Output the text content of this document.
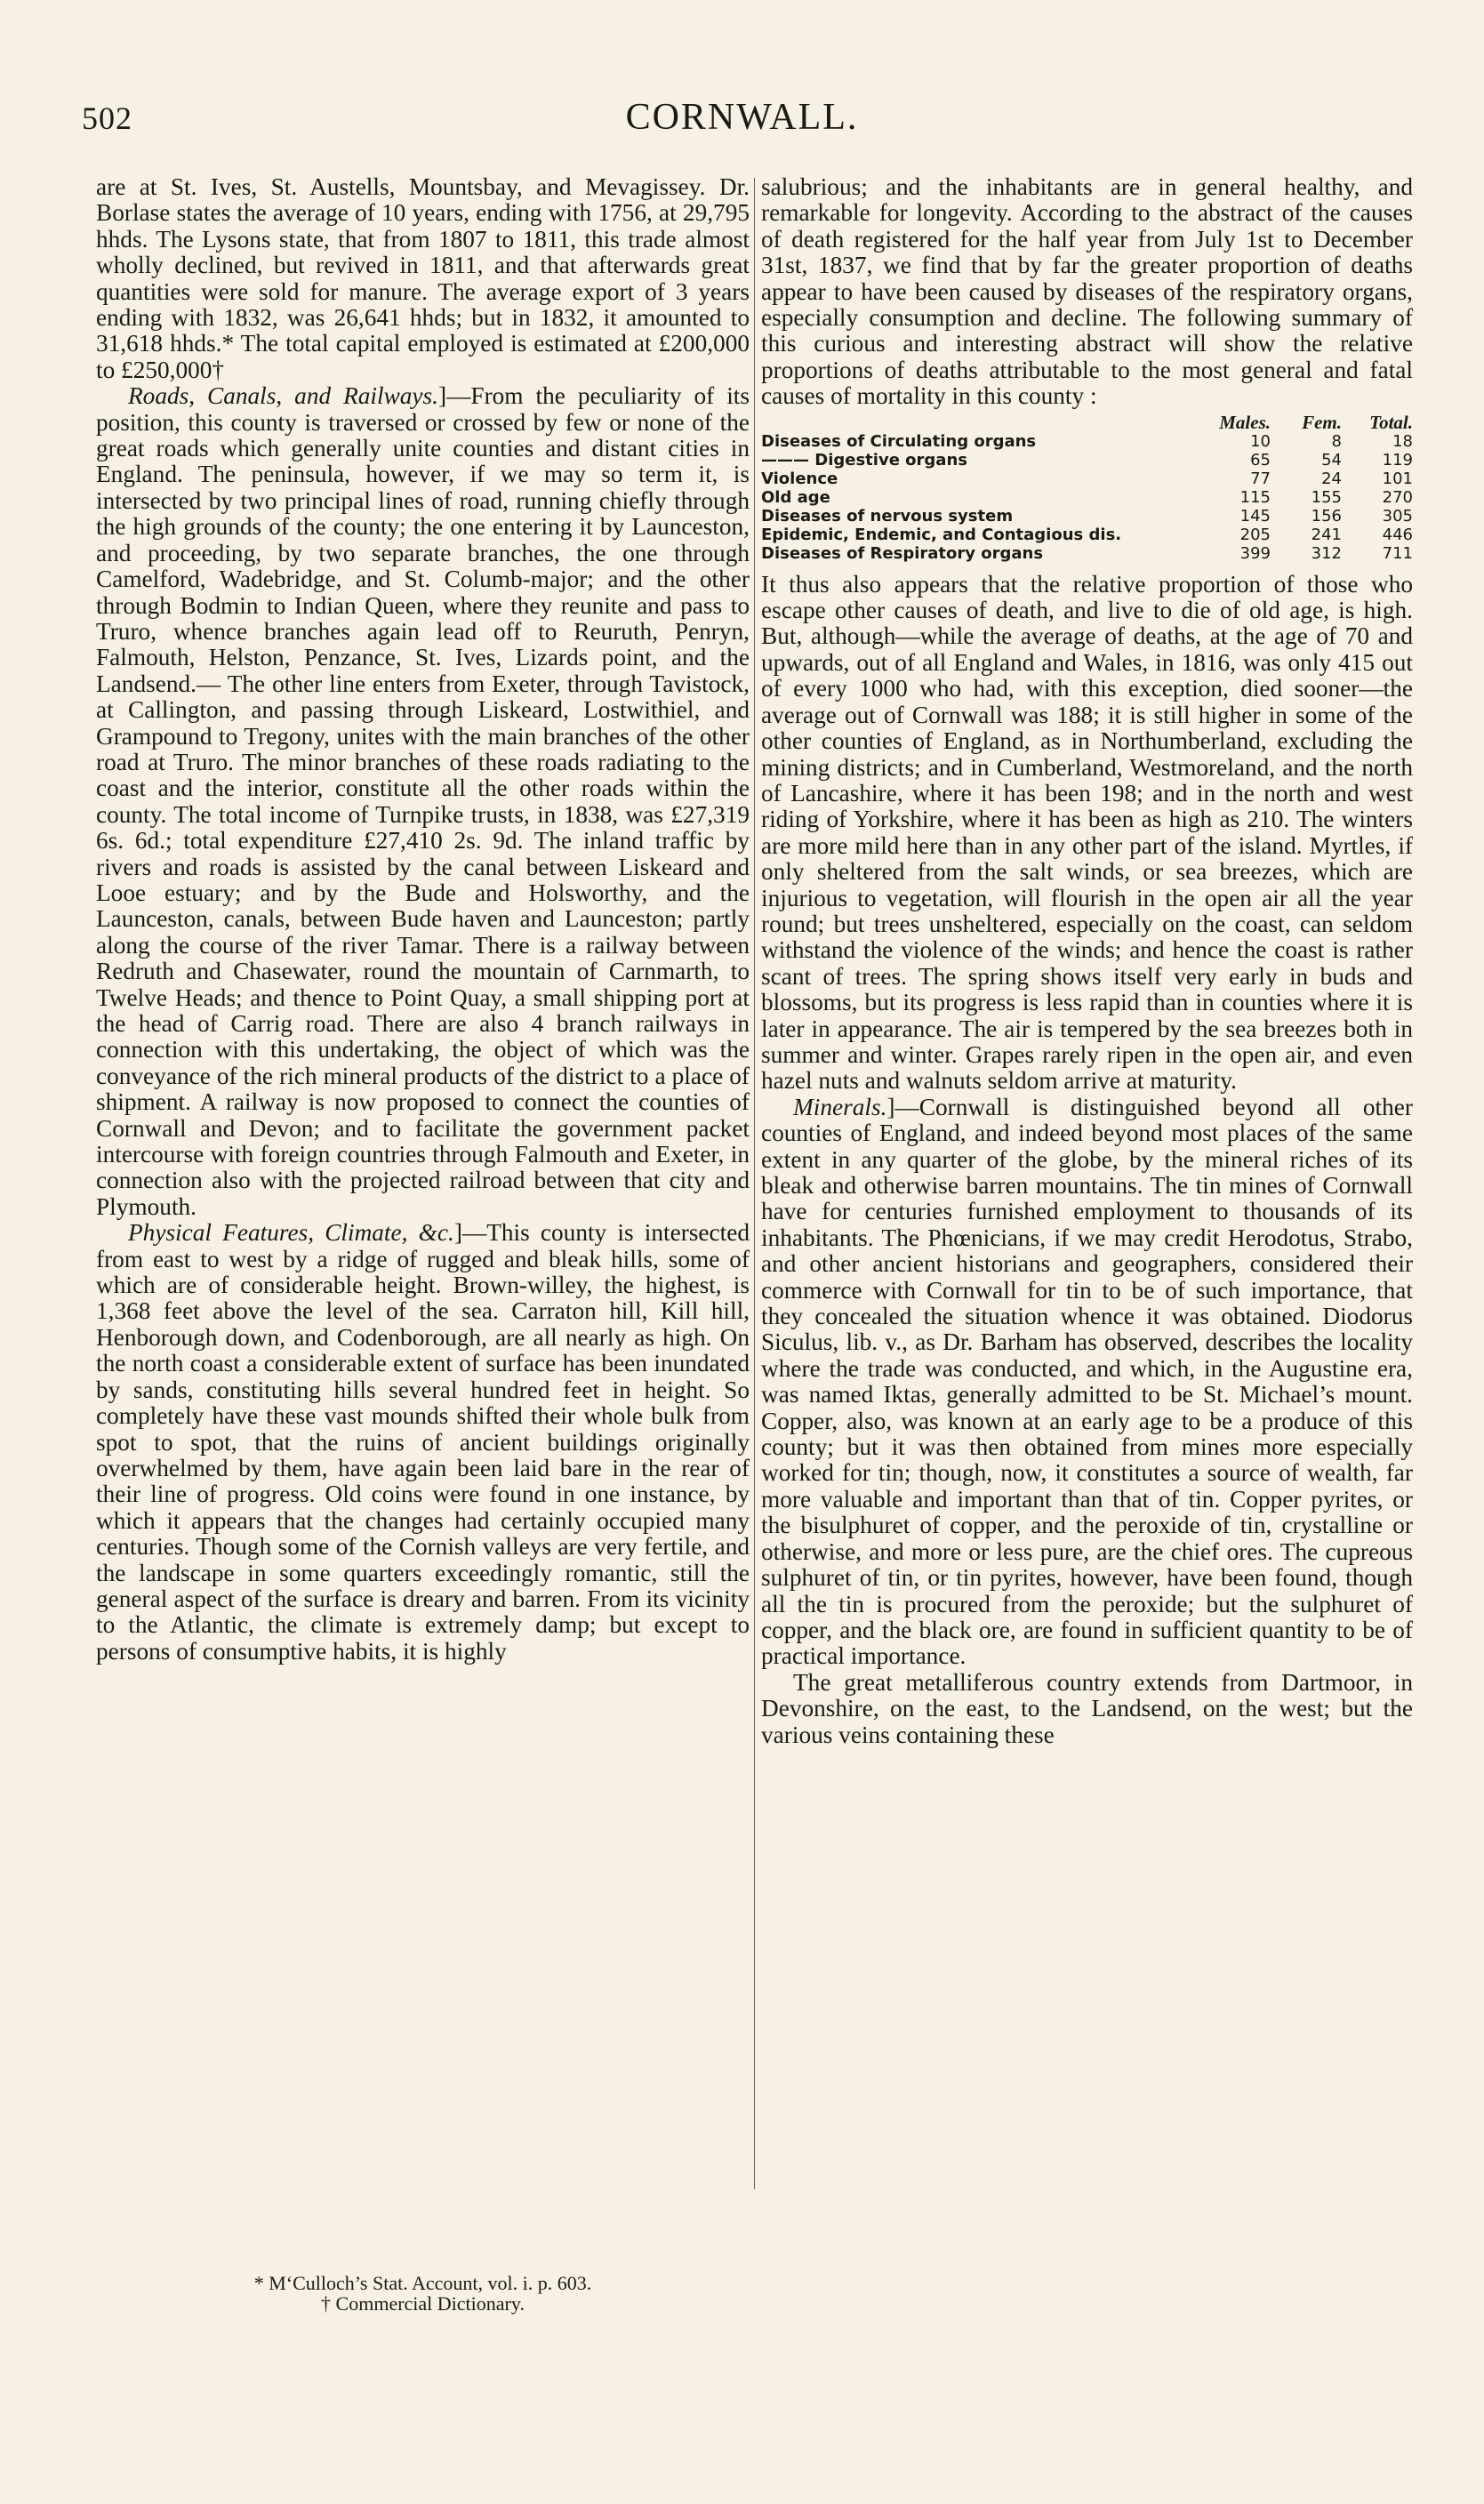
502	CORNWALL.

are at St. Ives, St. Austells, Mountsbay, and Mevagissey. Dr. Borlase states the average of 10 years, ending with 1756, at 29,795 hhds. The Lysons state, that from 1807 to 1811, this trade almost wholly declined, but revived in 1811, and that afterwards great quantities were sold for manure. The average export of 3 years ending with 1832, was 26,641 hhds; but in 1832, it amounted to 31,618 hhds.* The total capital employed is estimated at £200,000 to £250,000†

Roads, Canals, and Railways.]—From the peculiarity of its position, this county is traversed or crossed by few or none of the great roads which generally unite counties and distant cities in England. The peninsula, however, if we may so term it, is intersected by two principal lines of road, running chiefly through the high grounds of the county; the one entering it by Launceston, and proceeding, by two separate branches, the one through Camelford, Wadebridge, and St. Columb-major; and the other through Bodmin to Indian Queen, where they reunite and pass to Truro, whence branches again lead off to Reuruth, Penryn, Falmouth, Helston, Penzance, St. Ives, Lizards point, and the Landsend.— The other line enters from Exeter, through Tavistock, at Callington, and passing through Liskeard, Lostwithiel, and Grampound to Tregony, unites with the main branches of the other road at Truro. The minor branches of these roads radiating to the coast and the interior, constitute all the other roads within the county. The total income of Turnpike trusts, in 1838, was £27,319 6s. 6d.; total expenditure £27,410 2s. 9d. The inland traffic by rivers and roads is assisted by the canal between Liskeard and Looe estuary; and by the Bude and Holsworthy, and the Launceston, canals, between Bude haven and Launceston; partly along the course of the river Tamar. There is a railway between Redruth and Chasewater, round the mountain of Carnmarth, to Twelve Heads; and thence to Point Quay, a small shipping port at the head of Carrig road. There are also 4 branch railways in connection with this undertaking, the object of which was the conveyance of the rich mineral products of the district to a place of shipment. A railway is now proposed to connect the counties of Cornwall and Devon; and to facilitate the government packet intercourse with foreign countries through Falmouth and Exeter, in connection also with the projected railroad between that city and Plymouth.

Physical Features, Climate, &c.]—This county is intersected from east to west by a ridge of rugged and bleak hills, some of which are of considerable height. Brown-willey, the highest, is 1,368 feet above the level of the sea. Carraton hill, Kill hill, Henborough down, and Codenborough, are all nearly as high. On the north coast a considerable extent of surface has been inundated by sands, constituting hills several hundred feet in height. So completely have these vast mounds shifted their whole bulk from spot to spot, that the ruins of ancient buildings originally overwhelmed by them, have again been laid bare in the rear of their line of progress. Old coins were found in one instance, by which it appears that the changes had certainly occupied many centuries. Though some of the Cornish valleys are very fertile, and the landscape in some quarters exceedingly romantic, still the general aspect of the surface is dreary and barren. From its vicinity to the Atlantic, the climate is extremely damp; but except to persons of consumptive habits, it is highly

* M‘Culloch’s Stat. Account, vol. i. p. 603.
† Commercial Dictionary.

salubrious; and the inhabitants are in general healthy, and remarkable for longevity. According to the abstract of the causes of death registered for the half year from July 1st to December 31st, 1837, we find that by far the greater proportion of deaths appear to have been caused by diseases of the respiratory organs, especially consumption and decline. The following summary of this curious and interesting abstract will show the relative proportions of deaths attributable to the most general and fatal causes of mortality in this county :

	Males.	Fem.	Total.
Diseases of Circulating organs	10	8	18
——— Digestive organs	65	54	119
Violence	77	24	101
Old age	115	155	270
Diseases of nervous system	145	156	305
Epidemic, Endemic, and Contagious dis.	205	241	446
Diseases of Respiratory organs	399	312	711

It thus also appears that the relative proportion of those who escape other causes of death, and live to die of old age, is high. But, although—while the average of deaths, at the age of 70 and upwards, out of all England and Wales, in 1816, was only 415 out of every 1000 who had, with this exception, died sooner—the average out of Cornwall was 188; it is still higher in some of the other counties of England, as in Northumberland, excluding the mining districts; and in Cumberland, Westmoreland, and the north of Lancashire, where it has been 198; and in the north and west riding of Yorkshire, where it has been as high as 210. The winters are more mild here than in any other part of the island. Myrtles, if only sheltered from the salt winds, or sea breezes, which are injurious to vegetation, will flourish in the open air all the year round; but trees unsheltered, especially on the coast, can seldom withstand the violence of the winds; and hence the coast is rather scant of trees. The spring shows itself very early in buds and blossoms, but its progress is less rapid than in counties where it is later in appearance. The air is tempered by the sea breezes both in summer and winter. Grapes rarely ripen in the open air, and even hazel nuts and walnuts seldom arrive at maturity.

Minerals.]—Cornwall is distinguished beyond all other counties of England, and indeed beyond most places of the same extent in any quarter of the globe, by the mineral riches of its bleak and otherwise barren mountains. The tin mines of Cornwall have for centuries furnished employment to thousands of its inhabitants. The Phœnicians, if we may credit Herodotus, Strabo, and other ancient historians and geographers, considered their commerce with Cornwall for tin to be of such importance, that they concealed the situation whence it was obtained. Diodorus Siculus, lib. v., as Dr. Barham has observed, describes the locality where the trade was conducted, and which, in the Augustine era, was named Iktas, generally admitted to be St. Michael’s mount. Copper, also, was known at an early age to be a produce of this county; but it was then obtained from mines more especially worked for tin; though, now, it constitutes a source of wealth, far more valuable and important than that of tin. Copper pyrites, or the bisulphuret of copper, and the peroxide of tin, crystalline or otherwise, and more or less pure, are the chief ores. The cupreous sulphuret of tin, or tin pyrites, however, have been found, though all the tin is procured from the peroxide; but the sulphuret of copper, and the black ore, are found in sufficient quantity to be of practical importance.

The great metalliferous country extends from Dartmoor, in Devonshire, on the east, to the Landsend, on the west; but the various veins containing these
